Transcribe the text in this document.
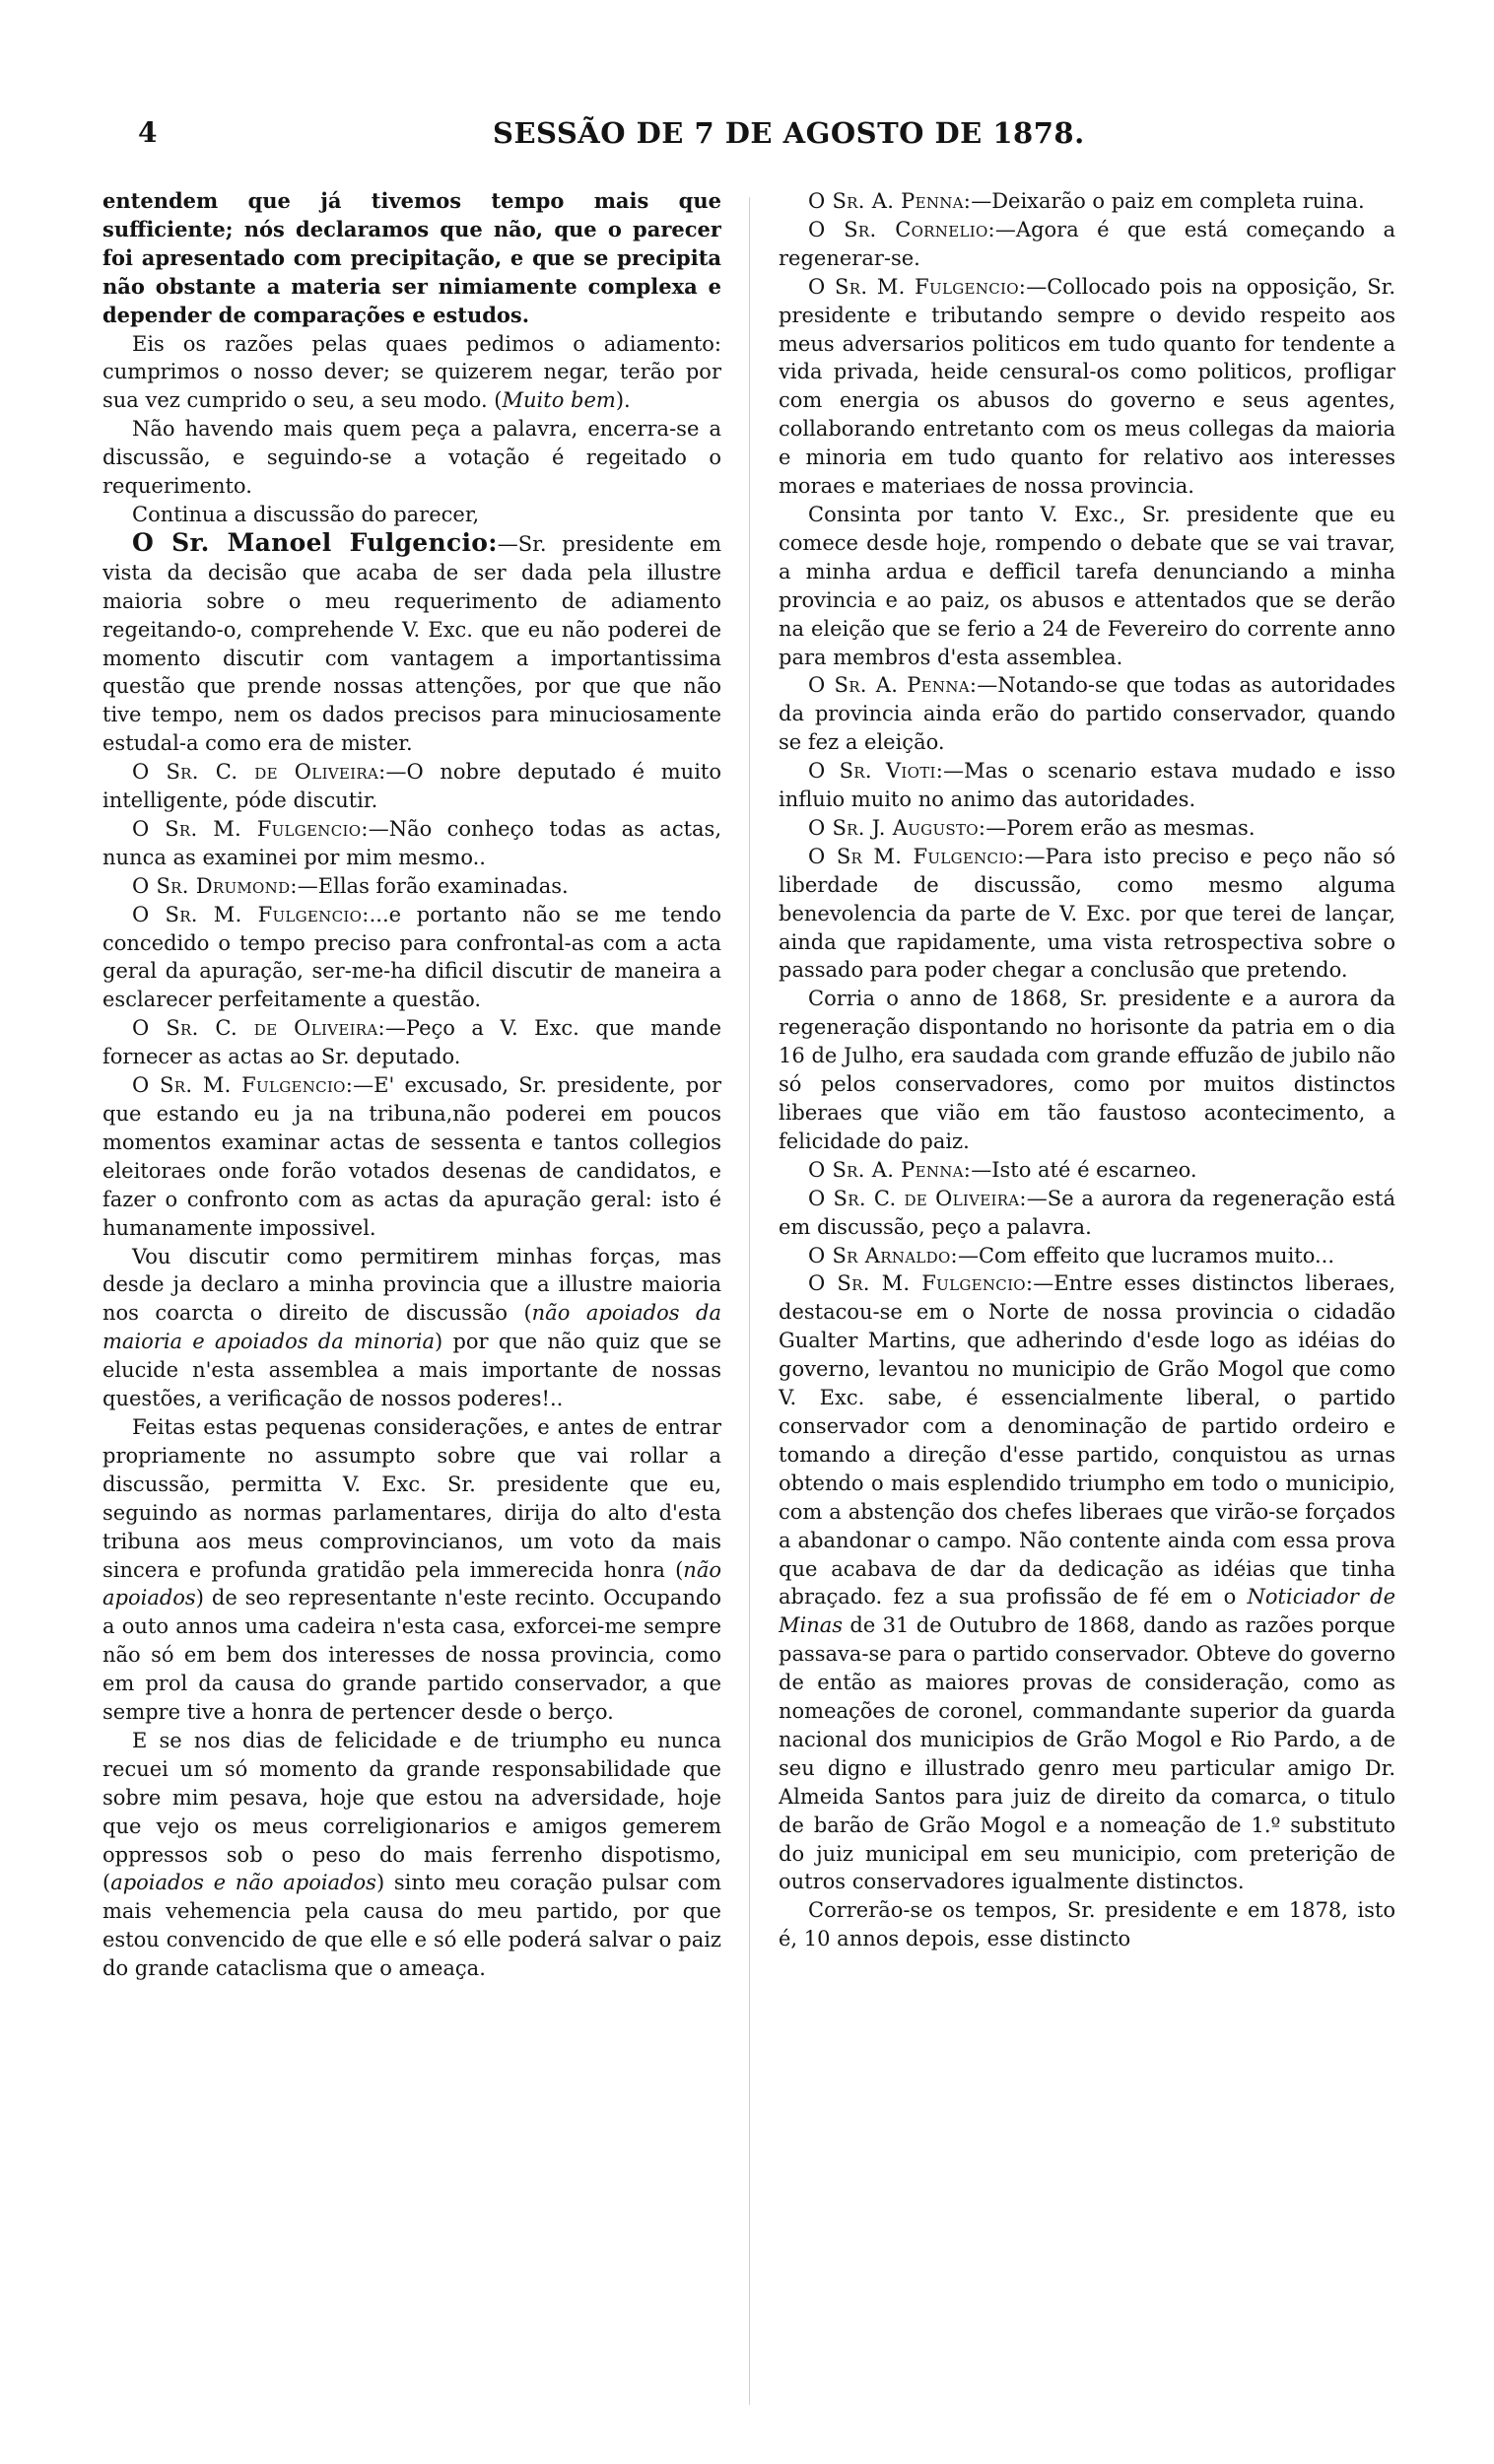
4	SESSÃO DE 7 DE AGOSTO DE 1878.

entendem que já tivemos tempo mais que sufficiente; nós declaramos que não, que o parecer foi apresentado com precipitação, e que se precipita não obstante a materia ser nimiamente complexa e depender de comparações e estudos.

Eis os razões pelas quaes pedimos o adiamento: cumprimos o nosso dever; se quizerem negar, terão por sua vez cumprido o seu, a seu modo. (Muito bem).

Não havendo mais quem peça a palavra, encerra-se a discussão, e seguindo-se a votação é regeitado o requerimento.

Continua a discussão do parecer,

O Sr. Manoel Fulgencio:—Sr. presidente em vista da decisão que acaba de ser dada pela illustre maioria sobre o meu requerimento de adiamento regeitando-o, comprehende V. Exc. que eu não poderei de momento discutir com vantagem a importantissima questão que prende nossas attenções, por que que não tive tempo, nem os dados precisos para minuciosamente estudal-a como era de mister.

O Sr. C. de Oliveira:—O nobre deputado é muito intelligente, póde discutir.

O Sr. M. Fulgencio:—Não conheço todas as actas, nunca as examinei por mim mesmo..

O Sr. Drumond:—Ellas forão examinadas.

O Sr. M. Fulgencio:...e portanto não se me tendo concedido o tempo preciso para confrontal-as com a acta geral da apuração, ser-me-ha dificil discutir de maneira a esclarecer perfeitamente a questão.

O Sr. C. de Oliveira:—Peço a V. Exc. que mande fornecer as actas ao Sr. deputado.

O Sr. M. Fulgencio:—E' excusado, Sr. presidente, por que estando eu ja na tribuna,não poderei em poucos momentos examinar actas de sessenta e tantos collegios eleitoraes onde forão votados desenas de candidatos, e fazer o confronto com as actas da apuração geral: isto é humanamente impossivel.

Vou discutir como permitirem minhas forças, mas desde ja declaro a minha provincia que a illustre maioria nos coarcta o direito de discussão (não apoiados da maioria e apoiados da minoria) por que não quiz que se elucide n'esta assemblea a mais importante de nossas questões, a verificação de nossos poderes!..

Feitas estas pequenas considerações, e antes de entrar propriamente no assumpto sobre que vai rollar a discussão, permitta V. Exc. Sr. presidente que eu, seguindo as normas parlamentares, dirija do alto d'esta tribuna aos meus comprovincianos, um voto da mais sincera e profunda gratidão pela immerecida honra (não apoiados) de seo representante n'este recinto. Occupando a outo annos uma cadeira n'esta casa, exforcei-me sempre não só em bem dos interesses de nossa provincia, como em prol da causa do grande partido conservador, a que sempre tive a honra de pertencer desde o berço.

E se nos dias de felicidade e de triumpho eu nunca recuei um só momento da grande responsabilidade que sobre mim pesava, hoje que estou na adversidade, hoje que vejo os meus correligionarios e amigos gemerem oppressos sob o peso do mais ferrenho dispotismo, (apoiados e não apoiados) sinto meu coração pulsar com mais vehemencia pela causa do meu partido, por que estou convencido de que elle e só elle poderá salvar o paiz do grande cataclisma que o ameaça.

O Sr. A. Penna:—Deixarão o paiz em completa ruina.

O Sr. Cornelio:—Agora é que está começando a regenerar-se.

O Sr. M. Fulgencio:—Collocado pois na opposição, Sr. presidente e tributando sempre o devido respeito aos meus adversarios politicos em tudo quanto for tendente a vida privada, heide censural-os como politicos, profligar com energia os abusos do governo e seus agentes, collaborando entretanto com os meus collegas da maioria e minoria em tudo quanto for relativo aos interesses moraes e materiaes de nossa provincia.

Consinta por tanto V. Exc., Sr. presidente que eu comece desde hoje, rompendo o debate que se vai travar, a minha ardua e defficil tarefa denunciando a minha provincia e ao paiz, os abusos e attentados que se derão na eleição que se ferio a 24 de Fevereiro do corrente anno para membros d'esta assemblea.

O Sr. A. Penna:—Notando-se que todas as autoridades da provincia ainda erão do partido conservador, quando se fez a eleição.

O Sr. Vioti:—Mas o scenario estava mudado e isso influio muito no animo das autoridades.

O Sr. J. Augusto:—Porem erão as mesmas.

O Sr M. Fulgencio:—Para isto preciso e peço não só liberdade de discussão, como mesmo alguma benevolencia da parte de V. Exc. por que terei de lançar, ainda que rapidamente, uma vista retrospectiva sobre o passado para poder chegar a conclusão que pretendo.

Corria o anno de 1868, Sr. presidente e a aurora da regeneração dispontando no horisonte da patria em o dia 16 de Julho, era saudada com grande effuzão de jubilo não só pelos conservadores, como por muitos distinctos liberaes que vião em tão faustoso acontecimento, a felicidade do paiz.

O Sr. A. Penna:—Isto até é escarneo.

O Sr. C. de Oliveira:—Se a aurora da regeneração está em discussão, peço a palavra.

O Sr Arnaldo:—Com effeito que lucramos muito...

O Sr. M. Fulgencio:—Entre esses distinctos liberaes, destacou-se em o Norte de nossa provincia o cidadão Gualter Martins, que adherindo d'esde logo as idéias do governo, levantou no municipio de Grão Mogol que como V. Exc. sabe, é essencialmente liberal, o partido conservador com a denominação de partido ordeiro e tomando a direção d'esse partido, conquistou as urnas obtendo o mais esplendido triumpho em todo o municipio, com a abstenção dos chefes liberaes que virão-se forçados a abandonar o campo. Não contente ainda com essa prova que acabava de dar da dedicação as idéias que tinha abraçado. fez a sua profissão de fé em o Noticiador de Minas de 31 de Outubro de 1868, dando as razões porque passava-se para o partido conservador. Obteve do governo de então as maiores provas de consideração, como as nomeações de coronel, commandante superior da guarda nacional dos municipios de Grão Mogol e Rio Pardo, a de seu digno e illustrado genro meu particular amigo Dr. Almeida Santos para juiz de direito da comarca, o titulo de barão de Grão Mogol e a nomeação de 1.º substituto do juiz municipal em seu municipio, com preterição de outros conservadores igualmente distinctos.

Correrão-se os tempos, Sr. presidente e em 1878, isto é, 10 annos depois, esse distincto
